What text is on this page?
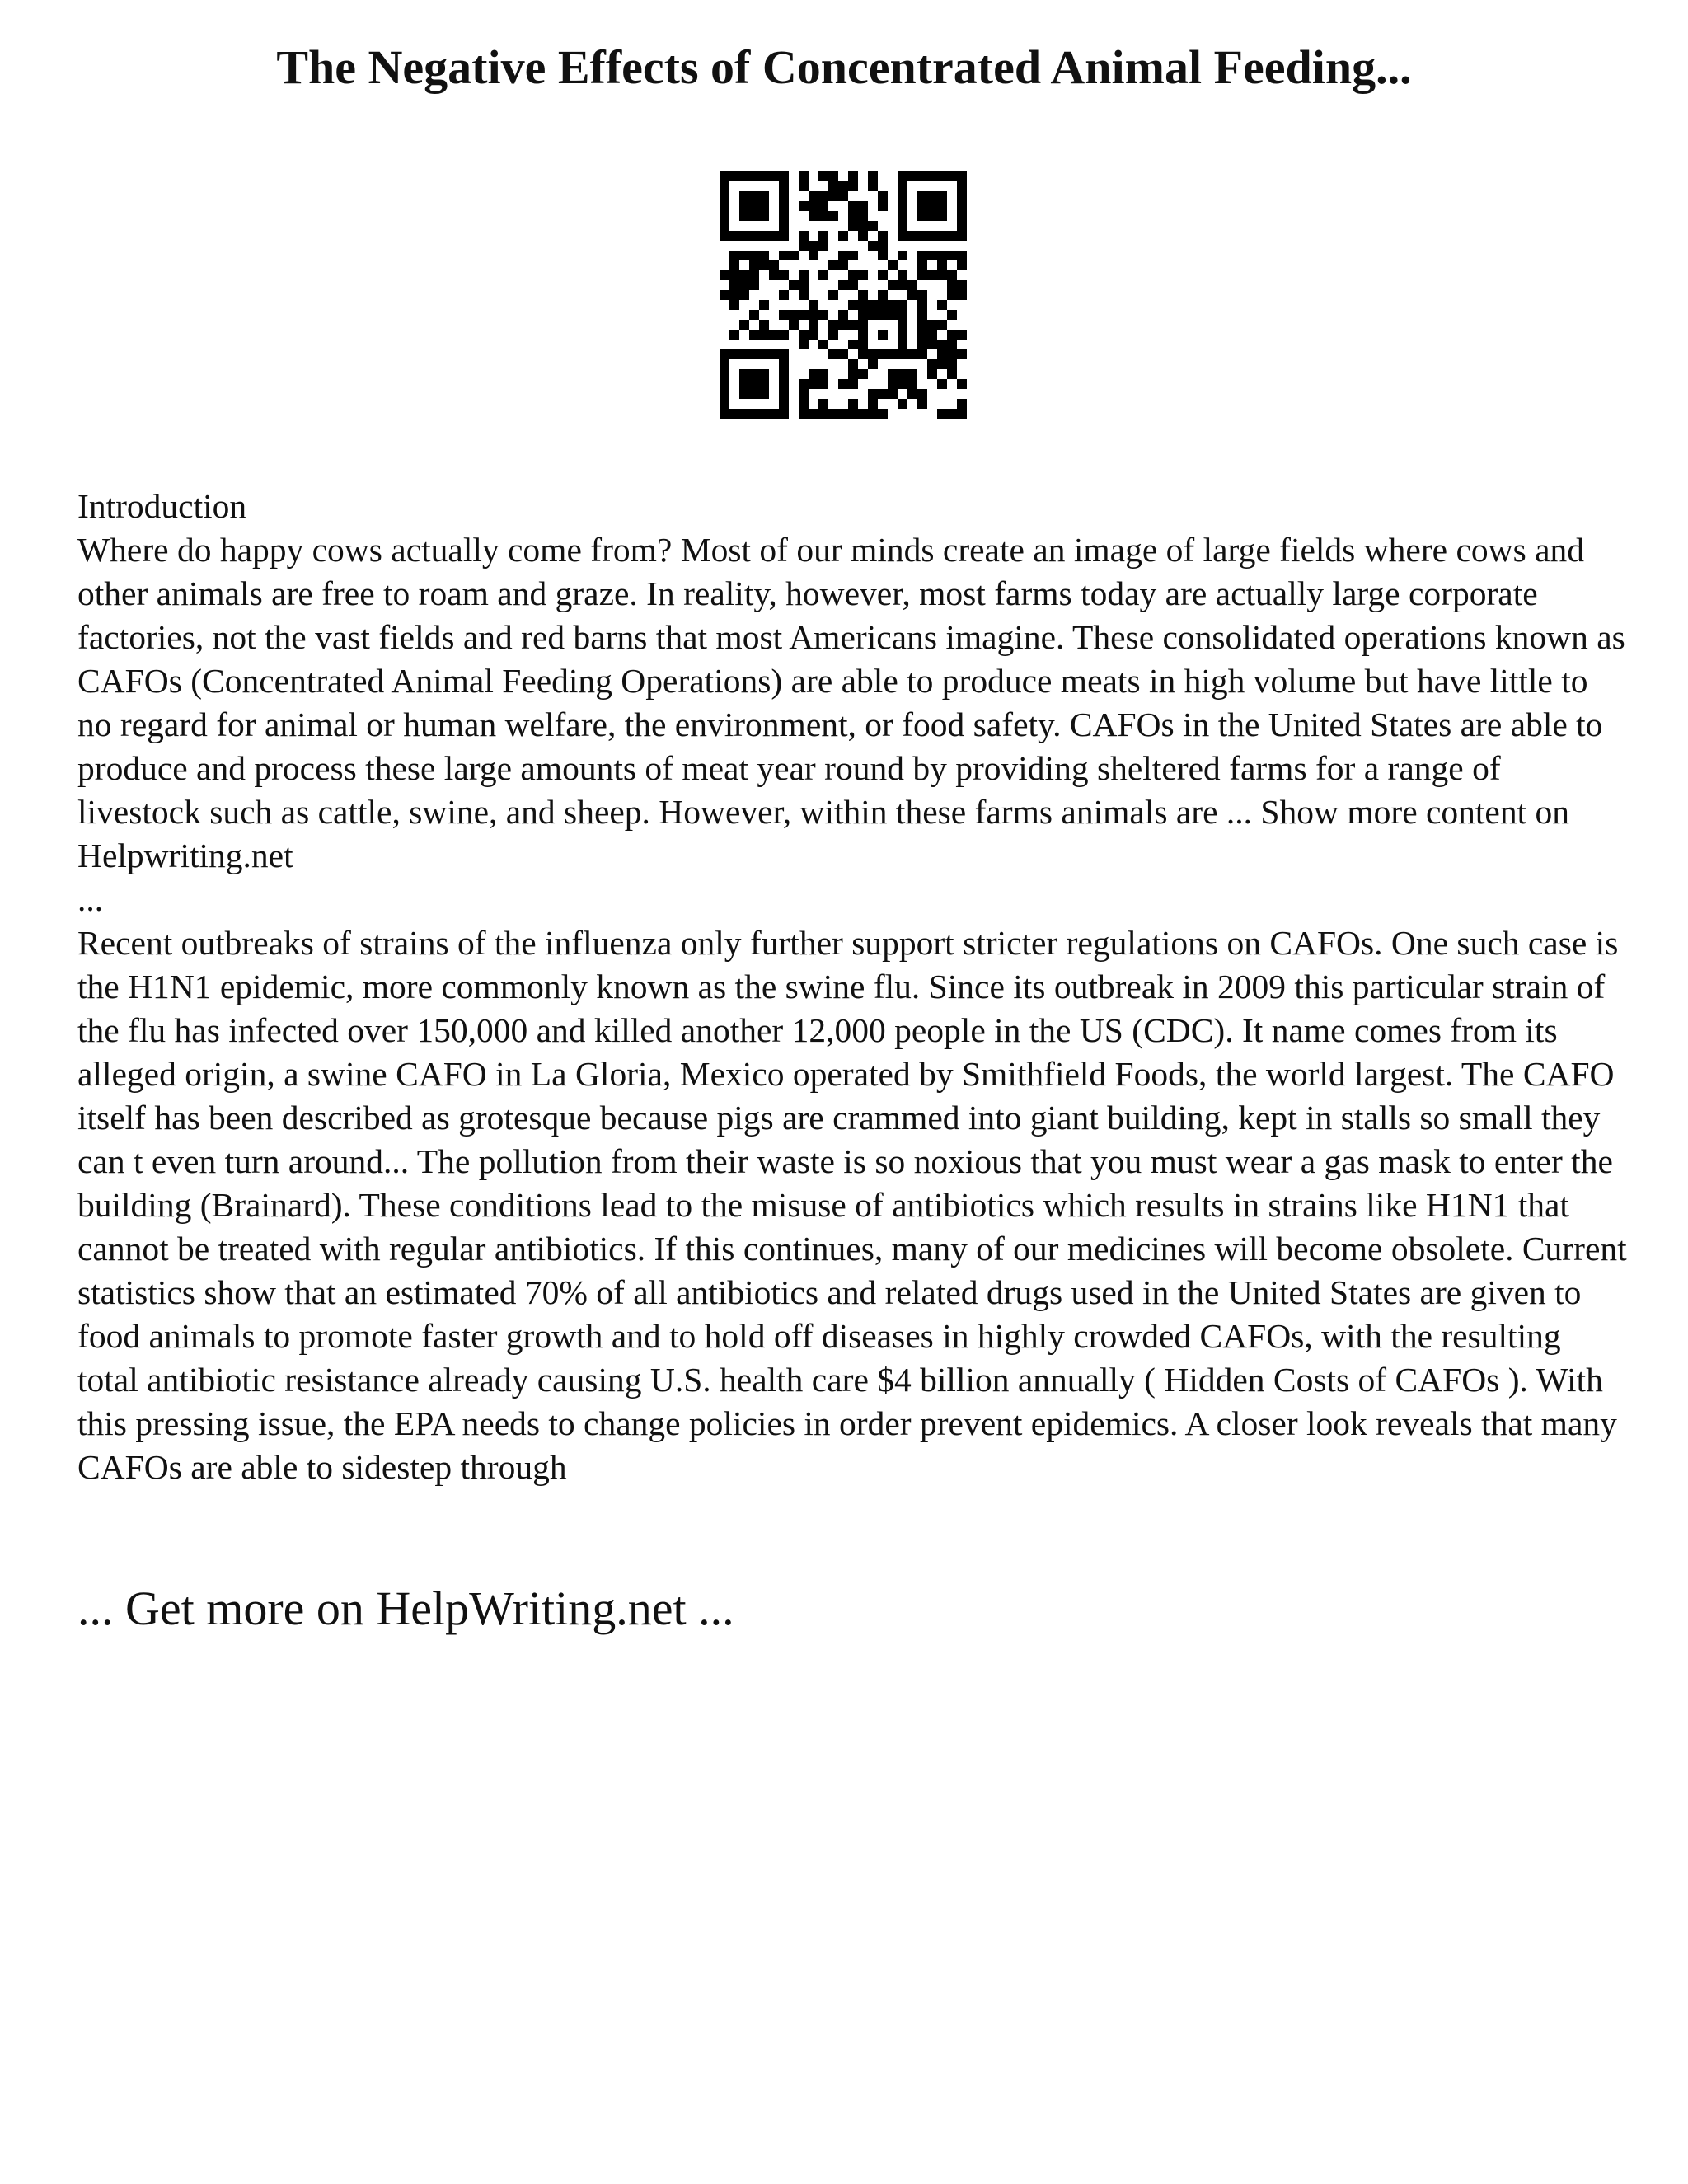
The Negative Effects of Concentrated Animal Feeding...

Introduction

Where do happy cows actually come from? Most of our minds create an image of large fields where cows and other animals are free to roam and graze. In reality, however, most farms today are actually large corporate factories, not the vast fields and red barns that most Americans imagine. These consolidated operations known as CAFOs (Concentrated Animal Feeding Operations) are able to produce meats in high volume but have little to no regard for animal or human welfare, the environment, or food safety. CAFOs in the United States are able to produce and process these large amounts of meat year round by providing sheltered farms for a range of livestock such as cattle, swine, and sheep. However, within these farms animals are ... Show more content on Helpwriting.net

...

Recent outbreaks of strains of the influenza only further support stricter regulations on CAFOs. One such case is the H1N1 epidemic, more commonly known as the swine flu. Since its outbreak in 2009 this particular strain of the flu has infected over 150,000 and killed another 12,000 people in the US (CDC). It name comes from its alleged origin, a swine CAFO in La Gloria, Mexico operated by Smithfield Foods, the world largest. The CAFO itself has been described as grotesque because pigs are crammed into giant building, kept in stalls so small they can t even turn around... The pollution from their waste is so noxious that you must wear a gas mask to enter the building (Brainard). These conditions lead to the misuse of antibiotics which results in strains like H1N1 that cannot be treated with regular antibiotics. If this continues, many of our medicines will become obsolete. Current statistics show that an estimated 70% of all antibiotics and related drugs used in the United States are given to food animals to promote faster growth and to hold off diseases in highly crowded CAFOs, with the resulting total antibiotic resistance already causing U.S. health care $4 billion annually ( Hidden Costs of CAFOs ). With this pressing issue, the EPA needs to change policies in order prevent epidemics. A closer look reveals that many CAFOs are able to sidestep through

... Get more on HelpWriting.net ...
